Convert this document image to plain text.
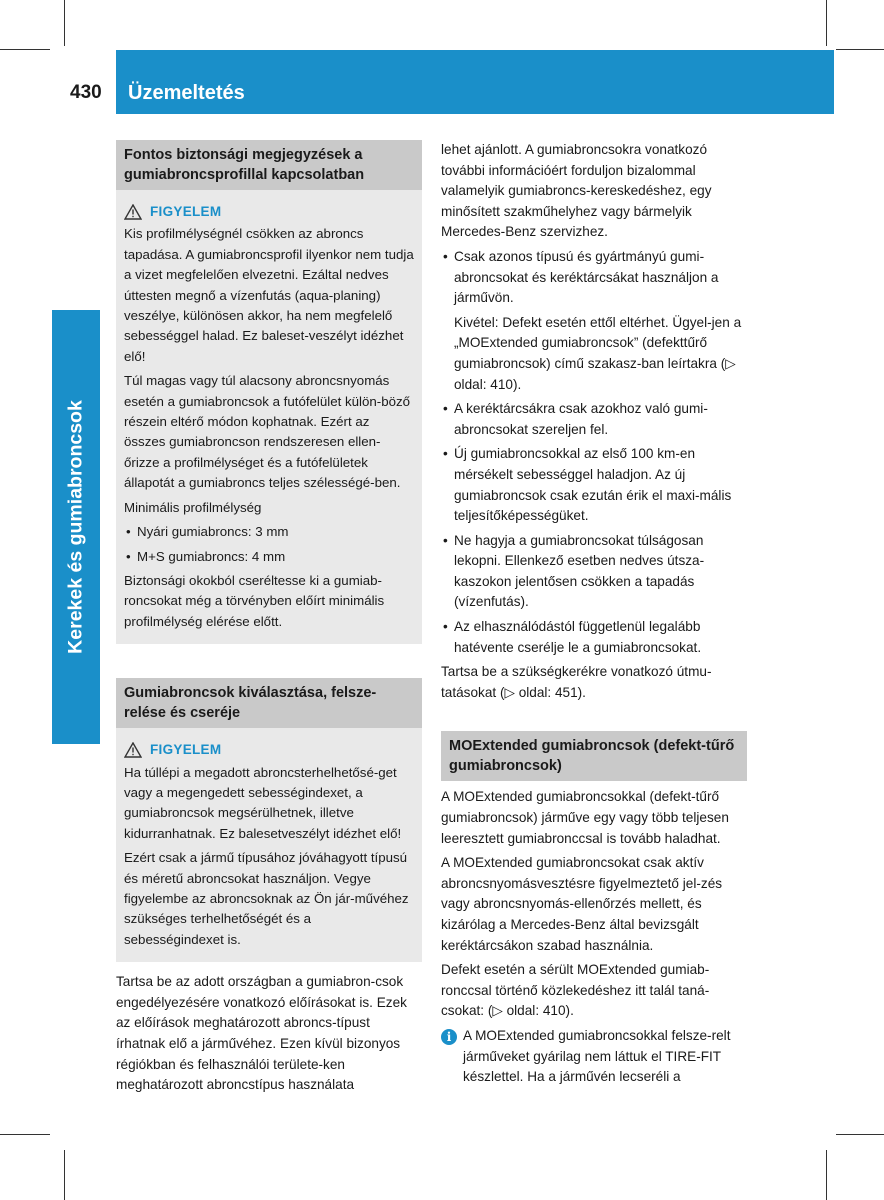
430	Üzemeltetés
Kerekek és gumiabroncsok
Fontos biztonsági megjegyzések a gumiabroncsprofillal kapcsolatban
FIGYELEM

Kis profilmélységnél csökken az abroncs tapadása. A gumiabroncsprofil ilyenkor nem tudja a vizet megfelelően elvezetni. Ezáltal nedves úttesten megnő a vízenfutás (aqua-planing) veszélye, különösen akkor, ha nem megfelelő sebességgel halad. Ez baleset-veszélyt idézhet elő!

Túl magas vagy túl alacsony abroncsnyomás esetén a gumiabroncsok a futófelület külön-böző részein eltérő módon kophatnak. Ezért az összes gumiabroncson rendszeresen ellen-őrizze a profilmélységet és a futófelületek állapotát a gumiabroncs teljes szélességé-ben.

Minimális profilmélység

• Nyári gumiabroncs: 3 mm
• M+S gumiabroncs: 4 mm

Biztonsági okokból cseréltesse ki a gumiab-roncsokat még a törvényben előírt minimális profilmélység elérése előtt.

Gumiabroncsok kiválasztása, felsze-relése és cseréje
FIGYELEM

Ha túllépi a megadott abroncsterhelhetősé-get vagy a megengedett sebességindexet, a gumiabroncsok megsérülhetnek, illetve kidurranhatnak. Ez balesetveszélyt idézhet elő!

Ezért csak a jármű típusához jóváhagyott típusú és méretű abroncsokat használjon. Vegye figyelembe az abroncsoknak az Ön jár-művéhez szükséges terhelhetőségét és a sebességindexet is.

Tartsa be az adott országban a gumiabron-csok engedélyezésére vonatkozó előírásokat is. Ezek az előírások meghatározott abroncs-típust írhatnak elő a járművéhez. Ezen kívül bizonyos régiókban és felhasználói területe-ken meghatározott abroncstípus használata

lehet ajánlott. A gumiabroncsokra vonatkozó további információért forduljon bizalommal valamelyik gumiabroncs-kereskedéshez, egy minősített szakműhelyhez vagy bármelyik Mercedes-Benz szervizhez.

• Csak azonos típusú és gyártmányú gumi-abroncsokat és keréktárcsákat használjon a járművön.
Kivétel: Defekt esetén ettől eltérhet. Ügyel-jen a „MOExtended gumiabroncsok” (defekttűrő gumiabroncsok) című szakasz-ban leírtakra (▷ oldal: 410).
• A keréktárcsákra csak azokhoz való gumi-abroncsokat szereljen fel.
• Új gumiabroncsokkal az első 100 km-en mérsékelt sebességgel haladjon. Az új gumiabroncsok csak ezután érik el maxi-mális teljesítőképességüket.
• Ne hagyja a gumiabroncsokat túlságosan lekopni. Ellenkező esetben nedves útsza-kaszokon jelentősen csökken a tapadás (vízenfutás).
• Az elhasználódástól függetlenül legalább hatévente cserélje le a gumiabroncsokat.

Tartsa be a szükségkerékre vonatkozó útmu-tatásokat (▷ oldal: 451).

MOExtended gumiabroncsok (defekt-tűrő gumiabroncsok)

A MOExtended gumiabroncsokkal (defekt-tűrő gumiabroncsok) járműve egy vagy több teljesen leeresztett gumiabronccsal is tovább haladhat.

A MOExtended gumiabroncsokat csak aktív abroncsnyomásvesztésre figyelmeztető jel-zés vagy abroncsnyomás-ellenőrzés mellett, és kizárólag a Mercedes-Benz által bevizsgált keréktárcsákon szabad használnia.

Defekt esetén a sérült MOExtended gumiab-ronccsal történő közlekedéshez itt talál taná-csokat: (▷ oldal: 410).

i A MOExtended gumiabroncsokkal felsze-relt járműveket gyárilag nem láttuk el TIRE-FIT készlettel. Ha a járművén lecseréli a
